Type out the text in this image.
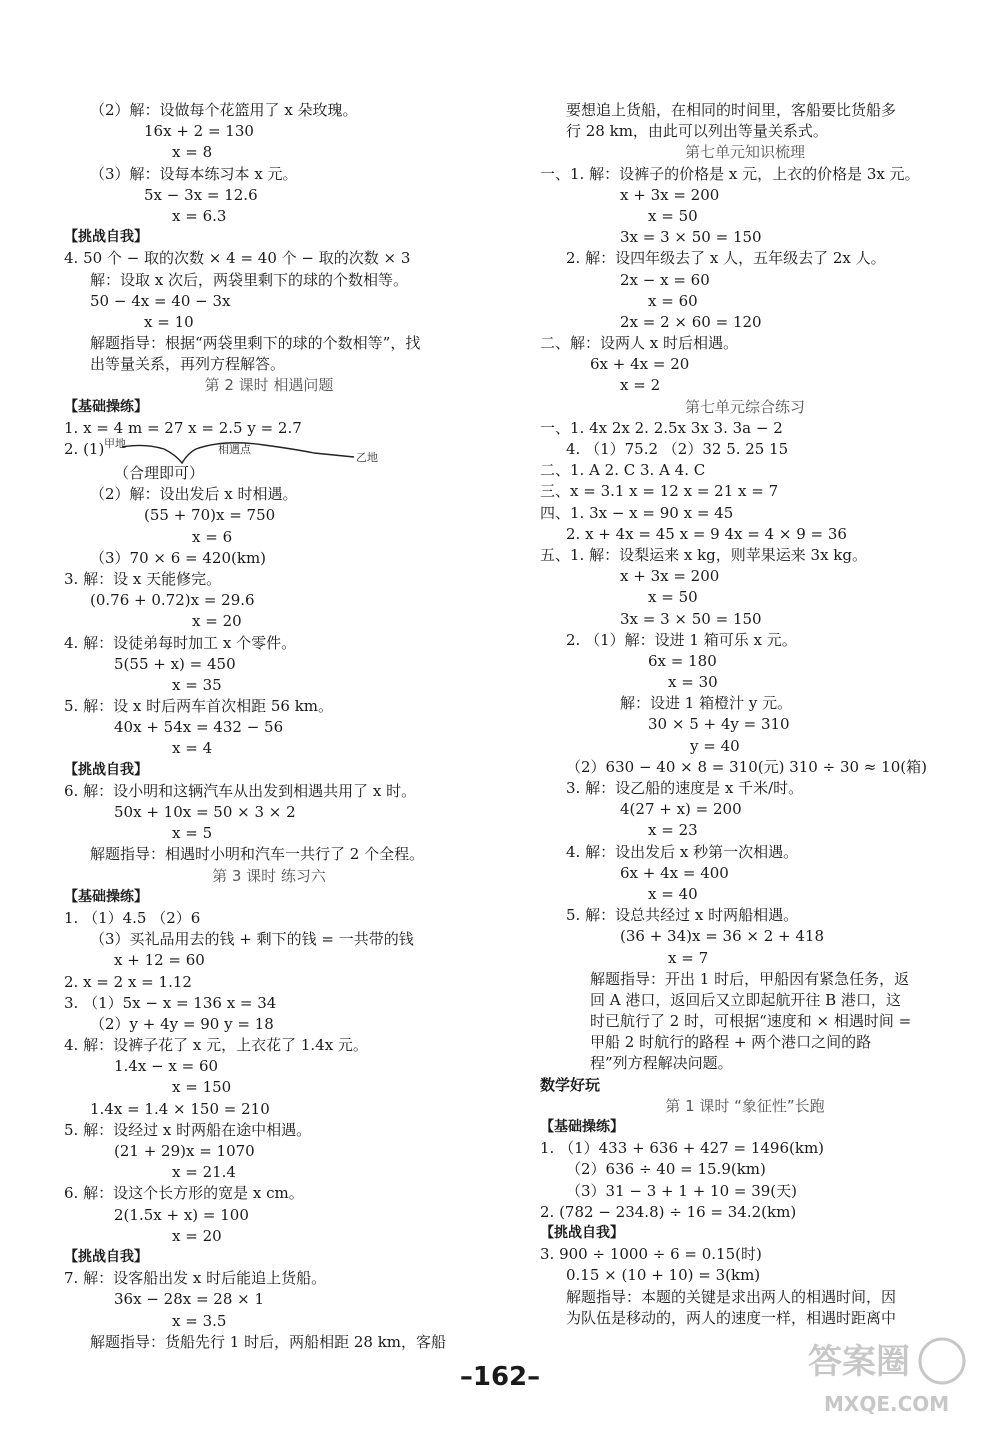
（2）解：设做每个花篮用了 x 朵玫瑰。
16x + 2 = 130
x = 8
（3）解：设每本练习本 x 元。
5x − 3x = 12.6
x = 6.3
【挑战自我】
4. 50 个 − 取的次数 × 4 = 40 个 − 取的次数 × 3
解：设取 x 次后，两袋里剩下的球的个数相等。
50 − 4x = 40 − 3x
x = 10
解题指导：根据“两袋里剩下的球的个数相等”，找
出等量关系，再列方程解答。
第 2 课时 相遇问题
【基础操练】
1. x = 4 m = 27 x = 2.5 y = 2.7
2. (1) 甲地	相遇点
乙地
（合理即可）
（2）解：设出发后 x 时相遇。
(55 + 70)x = 750
x = 6
（3）70 × 6 = 420(km)
3. 解：设 x 天能修完。
(0.76 + 0.72)x = 29.6
x = 20
4. 解：设徒弟每时加工 x 个零件。
5(55 + x) = 450
x = 35
5. 解：设 x 时后两车首次相距 56 km。
40x + 54x = 432 − 56
x = 4
【挑战自我】
6. 解：设小明和这辆汽车从出发到相遇共用了 x 时。
50x + 10x = 50 × 3 × 2
x = 5
解题指导：相遇时小明和汽车一共行了 2 个全程。
第 3 课时 练习六
【基础操练】
1. （1）4.5 （2）6
（3）买礼品用去的钱 + 剩下的钱 = 一共带的钱
x + 12 = 60
2. x = 2 x = 1.12
3. （1）5x − x = 136 x = 34
（2）y + 4y = 90 y = 18
4. 解：设裤子花了 x 元，上衣花了 1.4x 元。
1.4x − x = 60
x = 150
1.4x = 1.4 × 150 = 210
5. 解：设经过 x 时两船在途中相遇。
(21 + 29)x = 1070
x = 21.4
6. 解：设这个长方形的宽是 x cm。
2(1.5x + x) = 100
x = 20
【挑战自我】
7. 解：设客船出发 x 时后能追上货船。
36x − 28x = 28 × 1
x = 3.5
解题指导：货船先行 1 时后，两船相距 28 km，客船
要想追上货船，在相同的时间里，客船要比货船多
行 28 km，由此可以列出等量关系式。
第七单元知识梳理
一、1. 解：设裤子的价格是 x 元，上衣的价格是 3x 元。
x + 3x = 200
x = 50
3x = 3 × 50 = 150
2. 解：设四年级去了 x 人，五年级去了 2x 人。
2x − x = 60
x = 60
2x = 2 × 60 = 120
二、解：设两人 x 时后相遇。
6x + 4x = 20
x = 2
第七单元综合练习
一、1. 4x 2x 2. 2.5x 3x 3. 3a − 2
4. （1）75.2 （2）32 5. 25 15
二、1. A 2. C 3. A 4. C
三、x = 3.1 x = 12 x = 21 x = 7
四、1. 3x − x = 90 x = 45
2. x + 4x = 45 x = 9 4x = 4 × 9 = 36
五、1. 解：设梨运来 x kg，则苹果运来 3x kg。
x + 3x = 200
x = 50
3x = 3 × 50 = 150
2. （1）解：设进 1 箱可乐 x 元。
6x = 180
x = 30
解：设进 1 箱橙汁 y 元。
30 × 5 + 4y = 310
y = 40
（2）630 − 40 × 8 = 310(元) 310 ÷ 30 ≈ 10(箱)
3. 解：设乙船的速度是 x 千米/时。
4(27 + x) = 200
x = 23
4. 解：设出发后 x 秒第一次相遇。
6x + 4x = 400
x = 40
5. 解：设总共经过 x 时两船相遇。
(36 + 34)x = 36 × 2 + 418
x = 7
解题指导：开出 1 时后，甲船因有紧急任务，返
回 A 港口，返回后又立即起航开往 B 港口，这
时已航行了 2 时，可根据“速度和 × 相遇时间 =
甲船 2 时航行的路程 + 两个港口之间的路
程”列方程解决问题。
数学好玩
第 1 课时 “象征性”长跑
【基础操练】
1. （1）433 + 636 + 427 = 1496(km)
（2）636 ÷ 40 = 15.9(km)
（3）31 − 3 + 1 + 10 = 39(天)
2. (782 − 234.8) ÷ 16 = 34.2(km)
【挑战自我】
3. 900 ÷ 1000 ÷ 6 = 0.15(时)
0.15 × (10 + 10) = 3(km)
解题指导：本题的关键是求出两人的相遇时间，因
为队伍是移动的，两人的速度一样，相遇时距离中
–162–	答案圈
MXQE.COM
